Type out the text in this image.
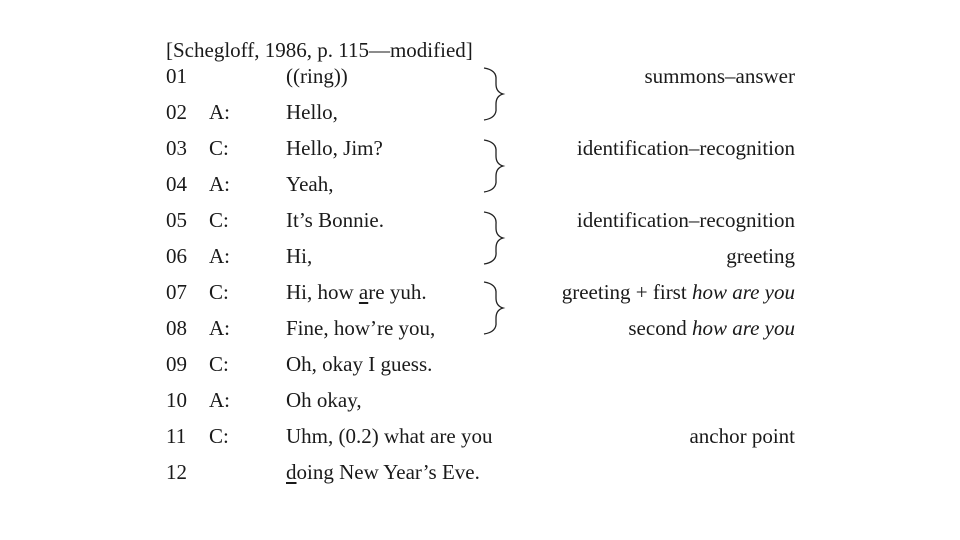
[Schegloff, 1986, p. 115—modified]
01	((ring))	summons–answer
02 A:	Hello,
03 C:	Hello, Jim?	identification–recognition
04 A:	Yeah,
05 C:	It’s Bonnie.	identification–recognition
06 A:	Hi,	greeting
07 C:	Hi, how are yuh.	greeting + first how are you
08 A:	Fine, how’re you,	second how are you
09 C:	Oh, okay I guess.
10 A:	Oh okay,
11 C:	Uhm, (0.2) what are you	anchor point
12	doing New Year’s Eve.
